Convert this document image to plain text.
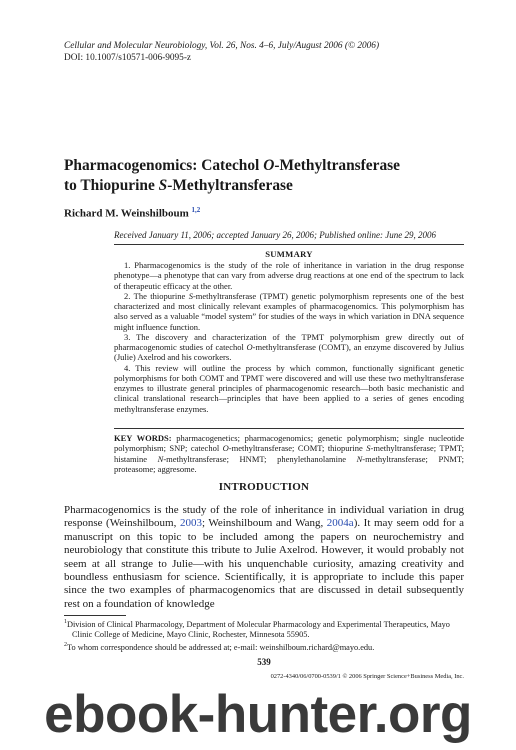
Cellular and Molecular Neurobiology, Vol. 26, Nos. 4–6, July/August 2006 (© 2006)
DOI: 10.1007/s10571-006-9095-z
Pharmacogenomics: Catechol O-Methyltransferase
to Thiopurine S-Methyltransferase
Richard M. Weinshilboum $^{1,2}$
Received January 11, 2006; accepted January 26, 2006; Published online: June 29, 2006
SUMMARY

1. Pharmacogenomics is the study of the role of inheritance in variation in the drug response phenotype—a phenotype that can vary from adverse drug reactions at one end of the spectrum to lack of therapeutic efficacy at the other.

2. The thiopurine S-methyltransferase (TPMT) genetic polymorphism represents one of the best characterized and most clinically relevant examples of pharmacogenomics. This polymorphism has also served as a valuable “model system” for studies of the ways in which variation in DNA sequence might influence function.

3. The discovery and characterization of the TPMT polymorphism grew directly out of pharmacogenomic studies of catechol O-methyltransferase (COMT), an enzyme discovered by Julius (Julie) Axelrod and his coworkers.

4. This review will outline the process by which common, functionally significant genetic polymorphisms for both COMT and TPMT were discovered and will use these two methyltransferase enzymes to illustrate general principles of pharmacogenomic research—both basic mechanistic and clinical translational research—principles that have been applied to a series of genes encoding methyltransferase enzymes.

KEY WORDS: pharmacogenetics; pharmacogenomics; genetic polymorphism; single nucleotide polymorphism; SNP; catechol O-methyltransferase; COMT; thiopurine S-methyltransferase; TPMT; histamine N-methyltransferase; HNMT; phenylethanolamine N-methyltransferase; PNMT; proteasome; aggresome.
INTRODUCTION
Pharmacogenomics is the study of the role of inheritance in individual variation in drug response (Weinshilboum, 2003; Weinshilboum and Wang, 2004a). It may seem odd for a manuscript on this topic to be included among the papers on neurochemistry and neurobiology that constitute this tribute to Julie Axelrod. However, it would probably not seem at all strange to Julie—with his unquenchable curiosity, amazing creativity and boundless enthusiasm for science. Scientifically, it is appropriate to include this paper since the two examples of pharmacogenomics that are discussed in detail subsequently rest on a foundation of knowledge

$^1$Division of Clinical Pharmacology, Department of Molecular Pharmacology and Experimental Therapeutics, Mayo Clinic College of Medicine, Mayo Clinic, Rochester, Minnesota 55905.

$^2$To whom correspondence should be addressed at; e-mail: weinshilboum.richard@mayo.edu.

539
0272-4340/06/0700-0539/1 © 2006 Springer Science+Business Media, Inc.
ebook-hunter.org
